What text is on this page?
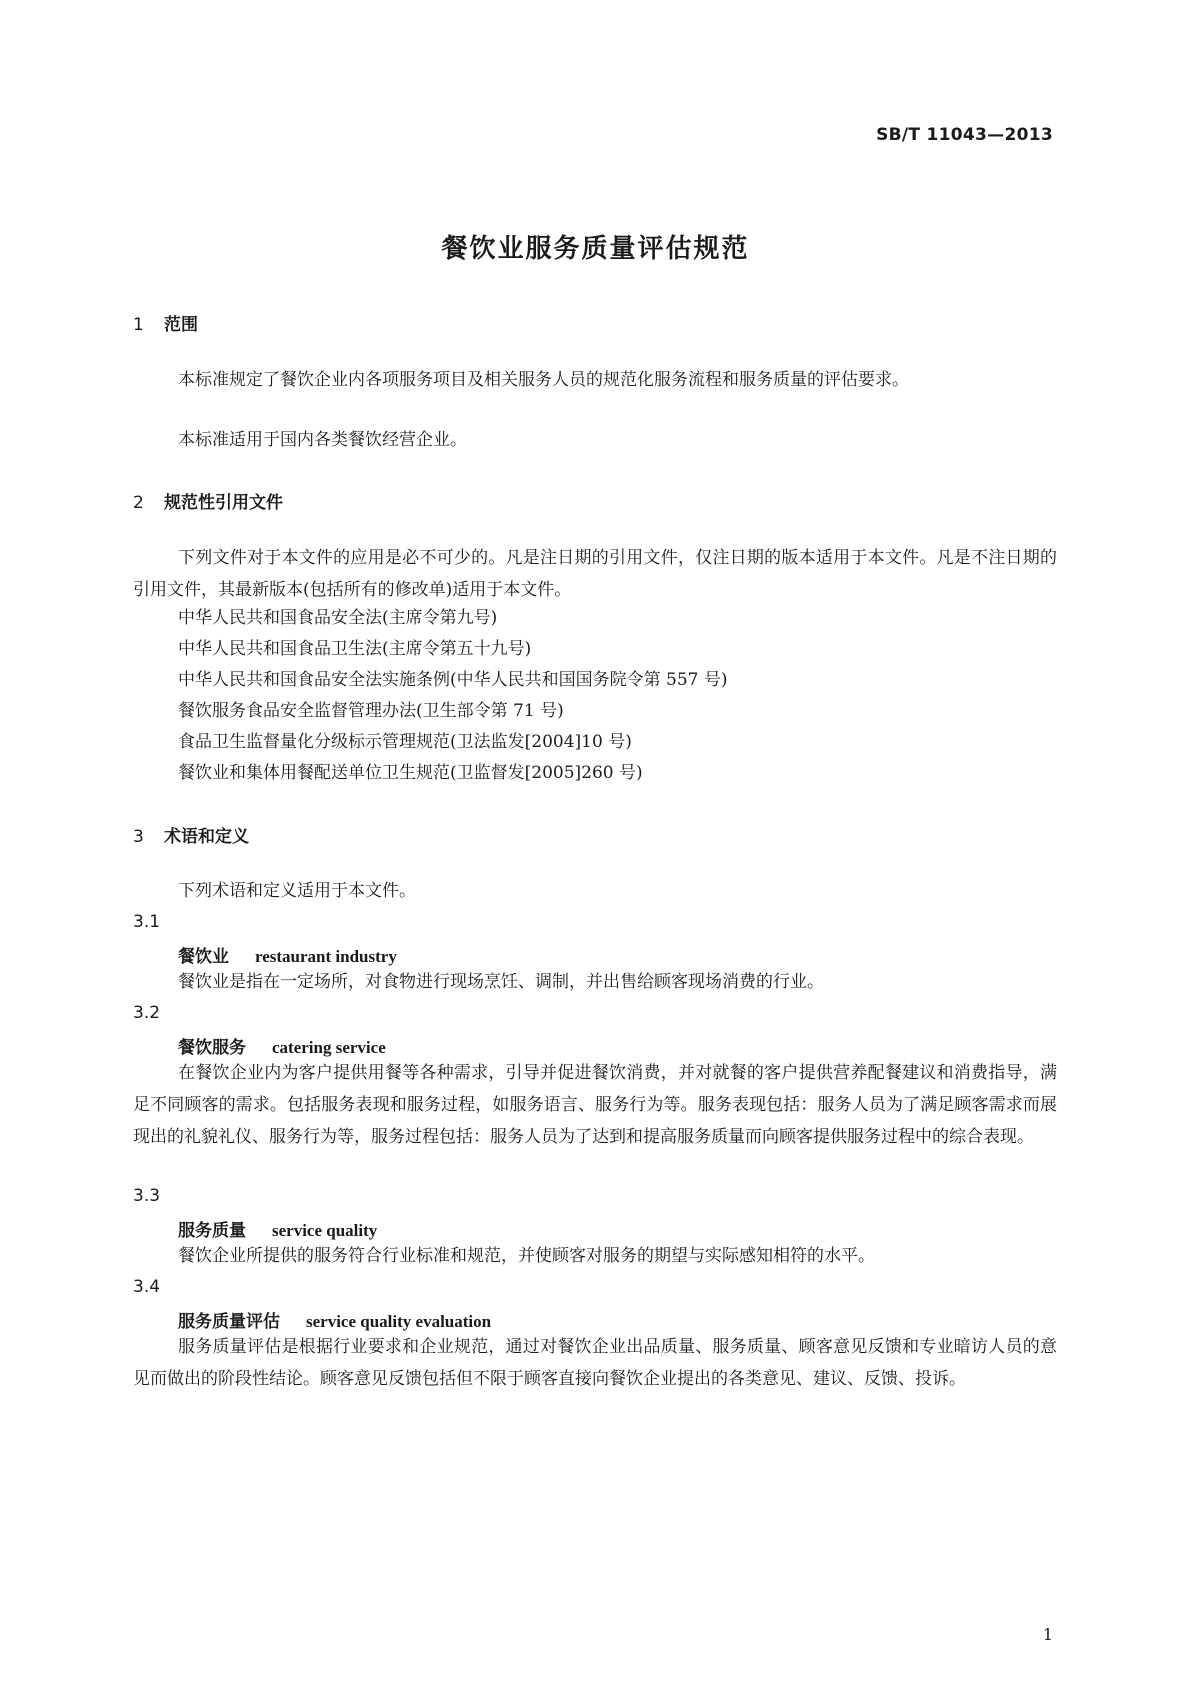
SB/T 11043—2013
餐饮业服务质量评估规范
1 范围
本标准规定了餐饮企业内各项服务项目及相关服务人员的规范化服务流程和服务质量的评估要求。
本标准适用于国内各类餐饮经营企业。
2 规范性引用文件
下列文件对于本文件的应用是必不可少的。凡是注日期的引用文件，仅注日期的版本适用于本文件。凡是不注日期的引用文件，其最新版本(包括所有的修改单)适用于本文件。
中华人民共和国食品安全法(主席令第九号)
中华人民共和国食品卫生法(主席令第五十九号)
中华人民共和国食品安全法实施条例(中华人民共和国国务院令第 557 号)
餐饮服务食品安全监督管理办法(卫生部令第 71 号)
食品卫生监督量化分级标示管理规范(卫法监发[2004]10 号)
餐饮业和集体用餐配送单位卫生规范(卫监督发[2005]260 号)
3 术语和定义
下列术语和定义适用于本文件。
3.1
餐饮业 restaurant industry
餐饮业是指在一定场所，对食物进行现场烹饪、调制，并出售给顾客现场消费的行业。
3.2
餐饮服务 catering service
在餐饮企业内为客户提供用餐等各种需求，引导并促进餐饮消费，并对就餐的客户提供营养配餐建议和消费指导，满足不同顾客的需求。包括服务表现和服务过程，如服务语言、服务行为等。服务表现包括：服务人员为了满足顾客需求而展现出的礼貌礼仪、服务行为等，服务过程包括：服务人员为了达到和提高服务质量而向顾客提供服务过程中的综合表现。
3.3
服务质量 service quality
餐饮企业所提供的服务符合行业标准和规范，并使顾客对服务的期望与实际感知相符的水平。
3.4
服务质量评估 service quality evaluation
服务质量评估是根据行业要求和企业规范，通过对餐饮企业出品质量、服务质量、顾客意见反馈和专业暗访人员的意见而做出的阶段性结论。顾客意见反馈包括但不限于顾客直接向餐饮企业提出的各类意见、建议、反馈、投诉。
1
